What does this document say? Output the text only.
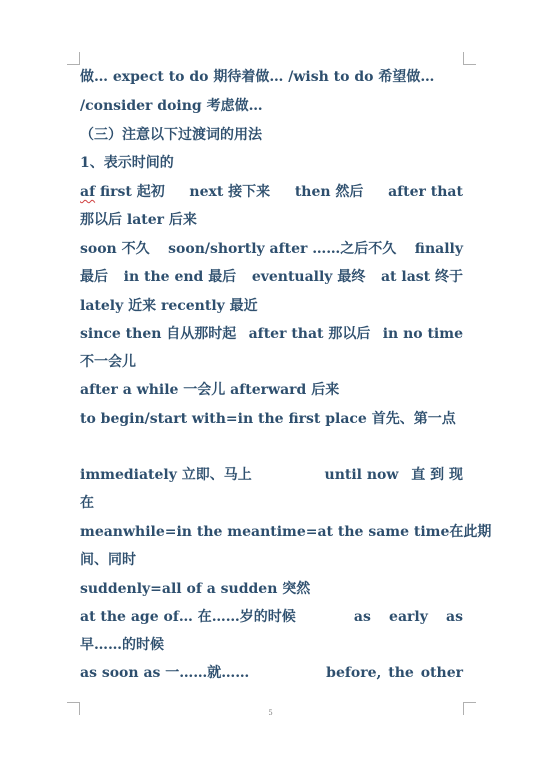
做… expect to do 期待着做… /wish to do 希望做…
/consider doing 考虑做…
（三）注意以下过渡词的用法
1、表示时间的
af first 起初 next 接下来 then 然后 after that
那以后 later 后来
soon 不久 soon/shortly after ……之后不久 finally
最后 in the end 最后 eventually 最终 at last 终于
lately 近来 recently 最近
since then 自从那时起 after that 那以后 in no time
不一会儿
after a while 一会儿 afterward 后来
to begin/start with=in the first place 首先、第一点
immediately 立即、马上	until now 直 到 现
在
meanwhile=in the meantime=at the same time 在此期
间、同时
suddenly=all of a sudden 突然
at the age of… 在……岁的时候	as early as
早……的时候
as soon as 一……就……	before, the other
5
